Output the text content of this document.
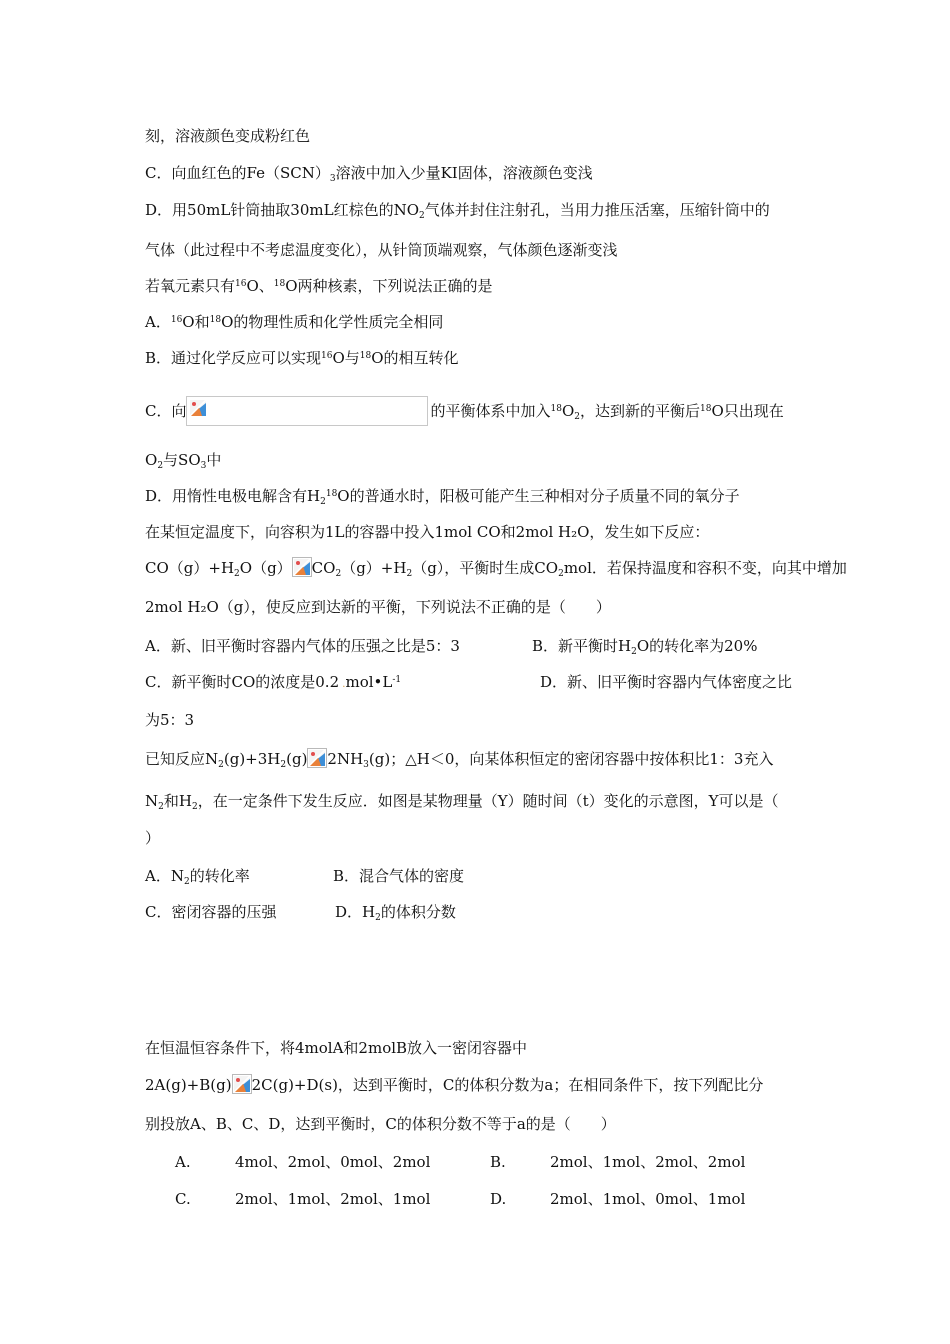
刻，溶液颜色变成粉红色
C．向血红色的$Fe(SCN)_3$溶液中加入少量KI固体，溶液颜色变浅
D．用50mL针筒抽取30mL红棕色的$NO_2$气体并封住注射孔，当用力推压活塞，压缩针筒中的
气体（此过程中不考虑温度变化），从针筒顶端观察，气体颜色逐渐变浅
若氧元素只有$^{16}$O、$^{18}$O两种核素，下列说法正确的是
A．$^{16}$O和$^{18}$O的物理性质和化学性质完全相同
B．通过化学反应可以实现$^{16}$O与$^{18}$O的相互转化
C．向	的平衡体系中加入$^{18}O_2$，达到新的平衡后$^{18}$O只出现在
$O_2$与$SO_3$中
D．用惰性电极电解含有$H_2^{18}O$的普通水时，阳极可能产生三种相对分子质量不同的氧分子
在某恒定温度下，向容积为1L的容器中投入1mol CO和2mol H₂O，发生如下反应：
$CO(g)+H_2O(g)$ $CO_2(g)+H_2(g)$，平衡时生成$CO_2mol$．若保持温度和容积不变，向其中增加
2mol H₂O（g），使反应到达新的平衡，下列说法不正确的是（　　）
A．新、旧平衡时容器内气体的压强之比是5：3	B．新平衡时$H_2O$的转化率为20%
C．新平衡时CO的浓度是0.2 $.mol•L^{-1}$	D．新、旧平衡时容器内气体密度之比
为5：3
已知反应$N_2(g)+3H_2(g)$ $2NH_3(g)$；△H＜0，向某体积恒定的密闭容器中按体积比1：3充入
$N_2$和$H_2$，在一定条件下发生反应．如图是某物理量（Y）随时间（t）变化的示意图，Y可以是（
）
A．$N_2$的转化率	B．混合气体的密度
C．密闭容器的压强	D．$H_2$的体积分数
在恒温恒容条件下，将4molA和2molB放入一密闭容器中
2A(g)+B(g) 2C(g)+D(s)，达到平衡时，C的体积分数为a；在相同条件下，按下列配比分
别投放A、B、C、D，达到平衡时，C的体积分数不等于a的是（　　）
A.	4mol、2mol、0mol、2mol	B.	2mol、1mol、2mol、2mol
C.	2mol、1mol、2mol、1mol	D.	2mol、1mol、0mol、1mol
